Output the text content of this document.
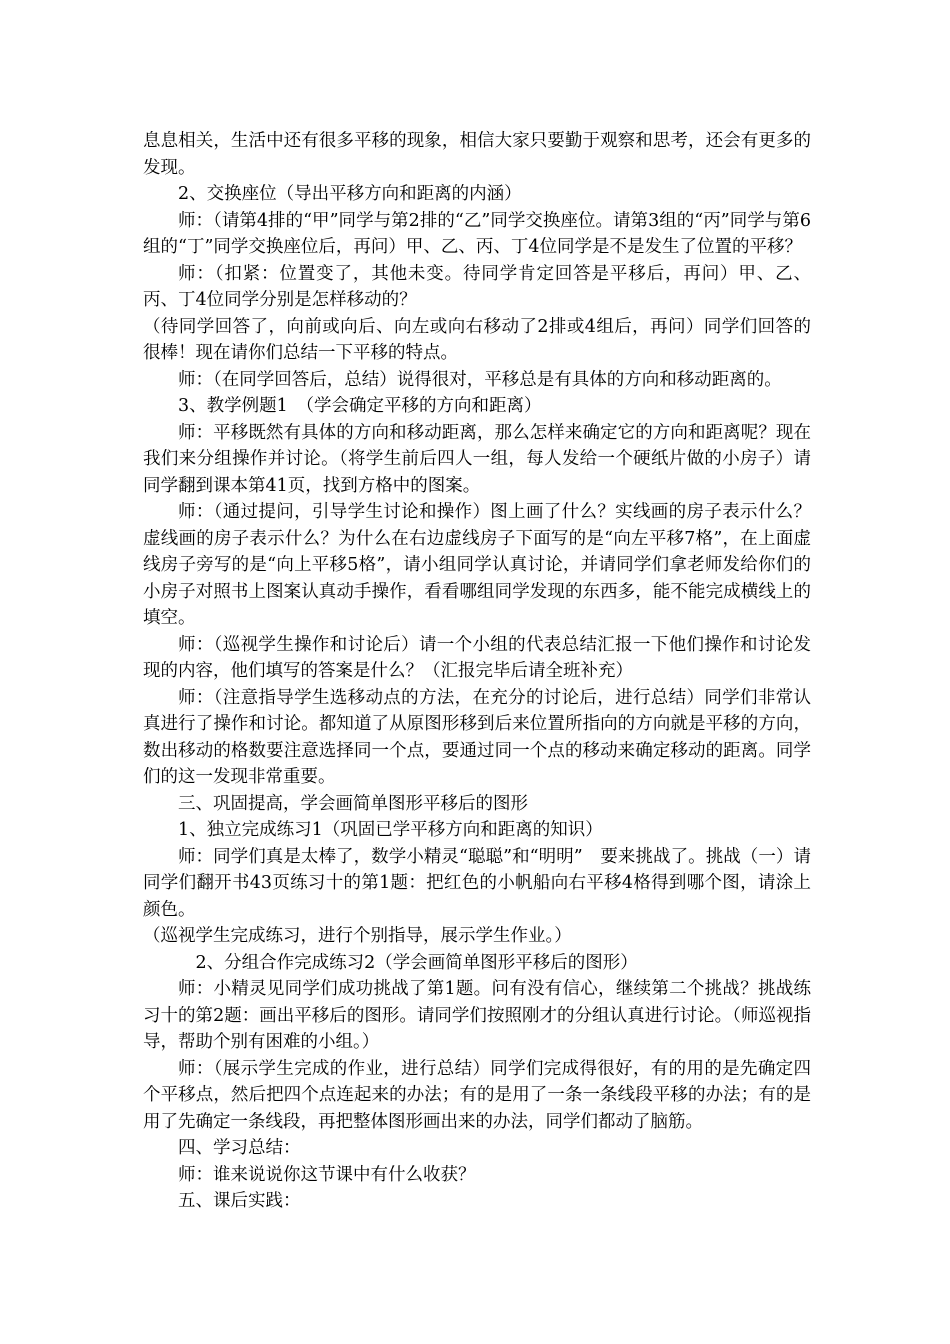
息息相关，生活中还有很多平移的现象，相信大家只要勤于观察和思考，还会有更多的发现。

2、交换座位（导出平移方向和距离的内涵）

师：（请第4排的“甲”同学与第2排的“乙”同学交换座位。请第3组的“丙”同学与第6组的“丁”同学交换座位后，再问）甲、乙、丙、丁4位同学是不是发生了位置的平移？

师：（扣紧：位置变了，其他未变。待同学肯定回答是平移后，再问）甲、乙、丙、丁4位同学分别是怎样移动的？

（待同学回答了，向前或向后、向左或向右移动了2排或4组后，再问）同学们回答的很棒！现在请你们总结一下平移的特点。

师：（在同学回答后，总结）说得很对，平移总是有具体的方向和移动距离的。

3、教学例题1　（学会确定平移的方向和距离）

师：平移既然有具体的方向和移动距离，那么怎样来确定它的方向和距离呢？现在我们来分组操作并讨论。（将学生前后四人一组，每人发给一个硬纸片做的小房子）请同学翻到课本第41页，找到方格中的图案。

师：（通过提问，引导学生讨论和操作）图上画了什么？实线画的房子表示什么？虚线画的房子表示什么？为什么在右边虚线房子下面写的是“向左平移7格”，在上面虚线房子旁写的是“向上平移5格”，请小组同学认真讨论，并请同学们拿老师发给你们的小房子对照书上图案认真动手操作，看看哪组同学发现的东西多，能不能完成横线上的填空。

师：（巡视学生操作和讨论后）请一个小组的代表总结汇报一下他们操作和讨论发现的内容，他们填写的答案是什么？（汇报完毕后请全班补充）

师：（注意指导学生选移动点的方法，在充分的讨论后，进行总结）同学们非常认真进行了操作和讨论。都知道了从原图形移到后来位置所指向的方向就是平移的方向，数出移动的格数要注意选择同一个点，要通过同一个点的移动来确定移动的距离。同学们的这一发现非常重要。

三、巩固提高，学会画简单图形平移后的图形

1、独立完成练习1（巩固已学平移方向和距离的知识）

师：同学们真是太棒了，数学小精灵“聪聪”和“明明”　要来挑战了。挑战（一）请同学们翻开书43页练习十的第1题：把红色的小帆船向右平移4格得到哪个图，请涂上颜色。

（巡视学生完成练习，进行个别指导，展示学生作业。）

2、分组合作完成练习2（学会画简单图形平移后的图形）

师：小精灵见同学们成功挑战了第1题。问有没有信心，继续第二个挑战？挑战练习十的第2题：画出平移后的图形。请同学们按照刚才的分组认真进行讨论。（师巡视指导，帮助个别有困难的小组。）

师：（展示学生完成的作业，进行总结）同学们完成得很好，有的用的是先确定四个平移点，然后把四个点连起来的办法；有的是用了一条一条线段平移的办法；有的是用了先确定一条线段，再把整体图形画出来的办法，同学们都动了脑筋。

四、学习总结：

师：谁来说说你这节课中有什么收获？

五、课后实践：
